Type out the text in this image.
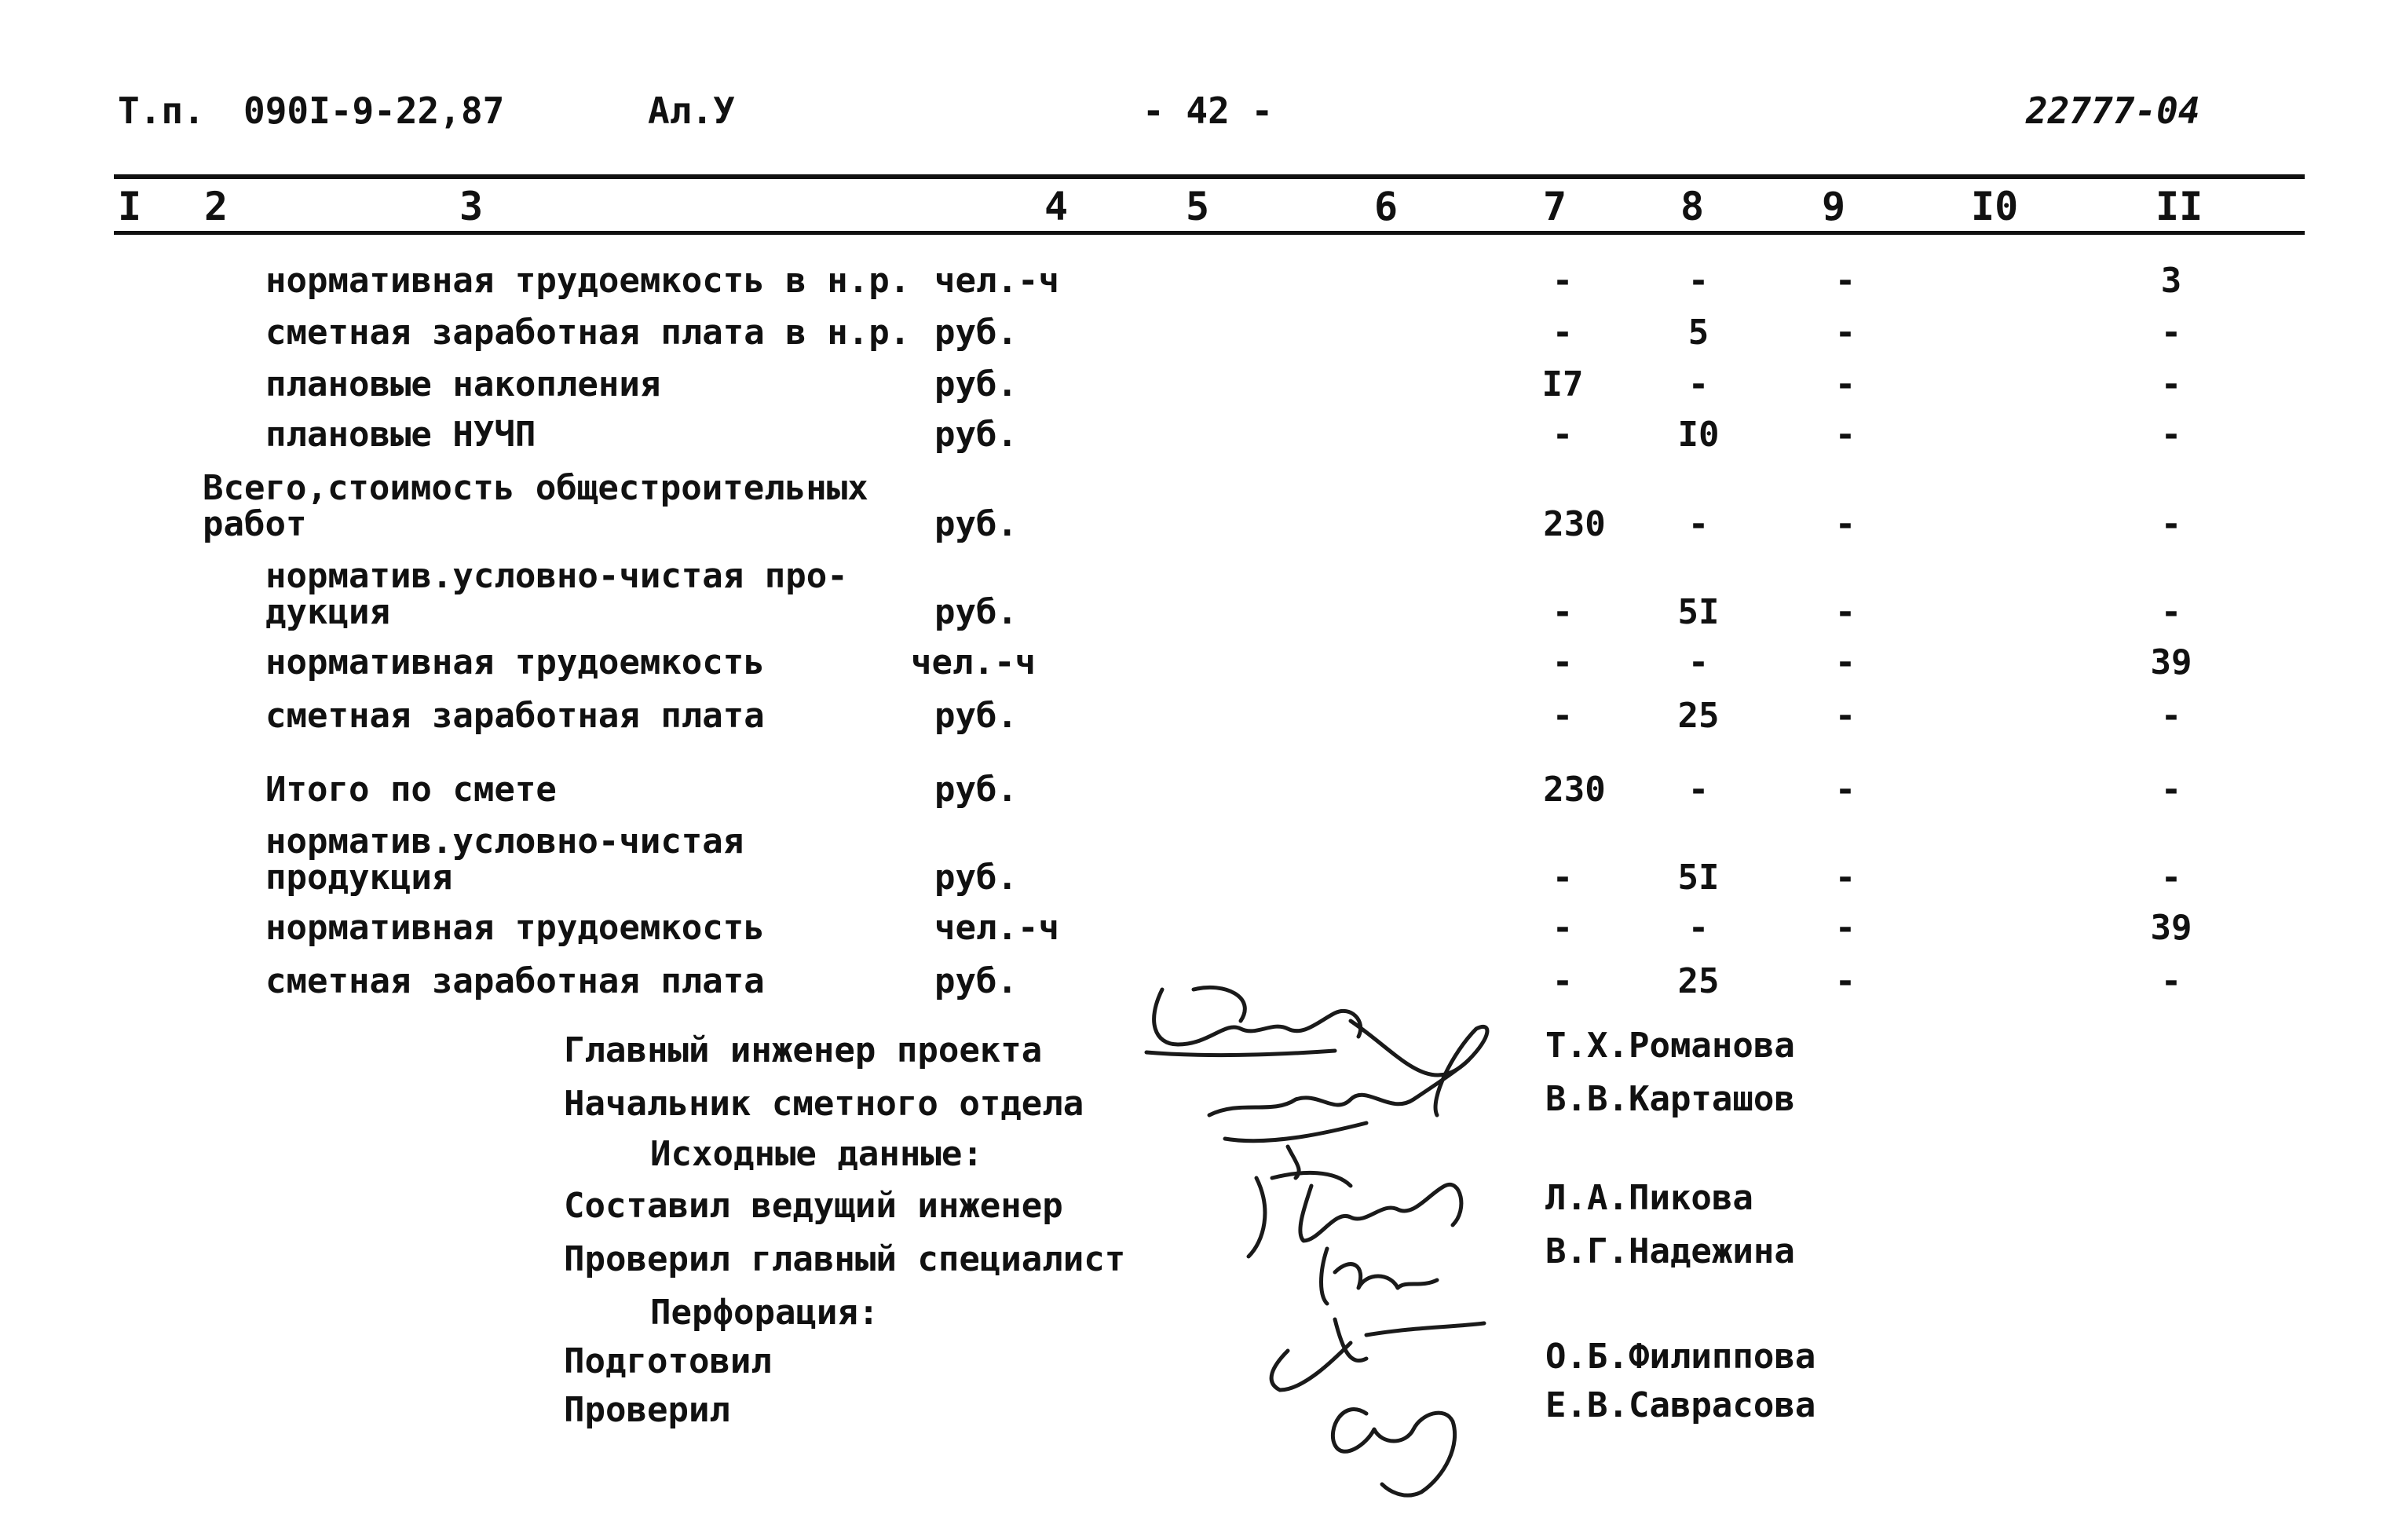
Т.п. 090I-9-22,87	Ал.У	- 42 -	22777-04
I 2	3	4	5	6	7	8	9	I0	II
нормативная трудоемкость в н.р. чел.-ч	-	-	-	3
сметная заработная плата в н.р. руб.	-	5	-	-
плановые накопления	руб.	I7	-	-	-
плановые НУЧП	руб.	-	I0	-	-
Всего,стоимость общестроительных
работ	руб.	230	-	-	-
норматив.условно-чистая про-
дукция	руб.	-	5I	-	-
нормативная трудоемкость	чел.-ч	-	-	-	39
сметная заработная плата	руб.	-	25	-	-
Итого по смете	руб.	230	-	-	-
норматив.условно-чистая
продукция	руб.	-	5I	-	-
нормативная трудоемкость	чел.-ч	-	-	-	39
сметная заработная плата	руб.	-	25	-	-
Главный инженер проекта	Т.Х.Романова
Начальник сметного отдела	В.В.Карташов
Исходные данные:
Составил ведущий инженер	Л.А.Пикова
Проверил главный специалист	В.Г.Надежина
Перфорация:
Подготовил	О.Б.Филиппова
Проверил	Е.В.Саврасова
